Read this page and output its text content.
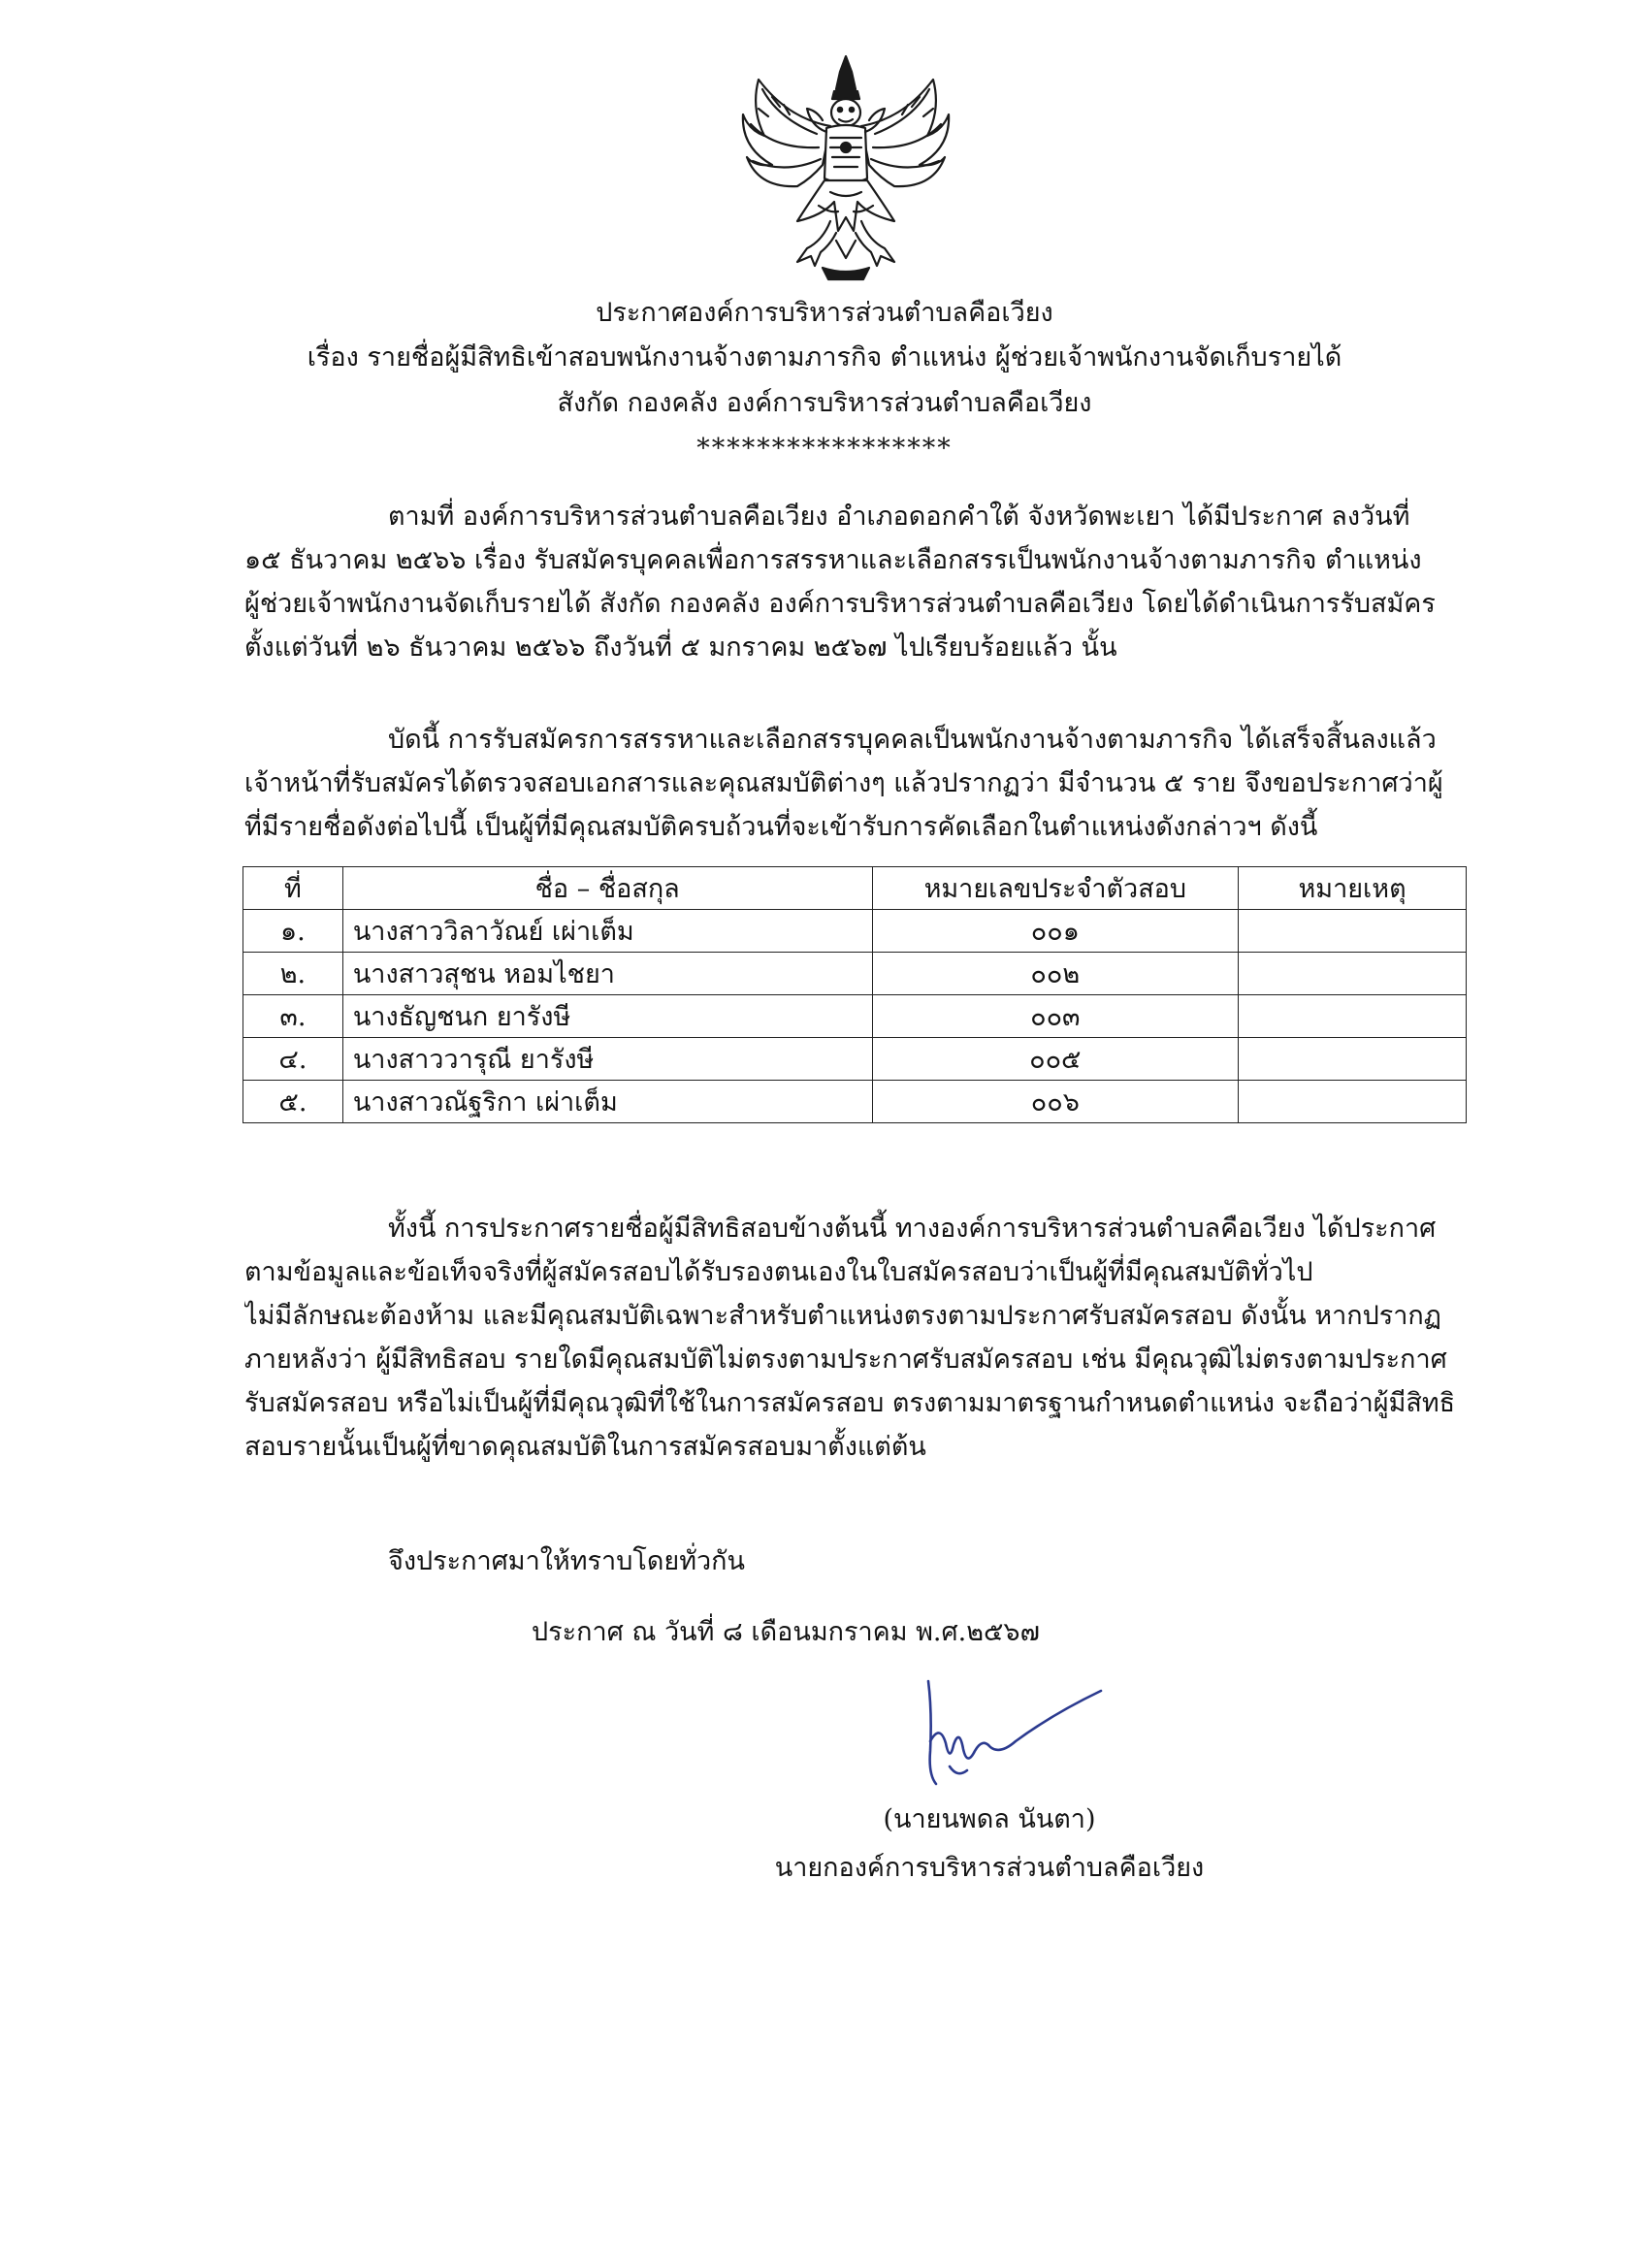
ประกาศองค์การบริหารส่วนตำบลคือเวียง
เรื่อง รายชื่อผู้มีสิทธิเข้าสอบพนักงานจ้างตามภารกิจ ตำแหน่ง ผู้ช่วยเจ้าพนักงานจัดเก็บรายได้
สังกัด กองคลัง องค์การบริหารส่วนตำบลคือเวียง
*****************
ตามที่ องค์การบริหารส่วนตำบลคือเวียง อำเภอดอกคำใต้ จังหวัดพะเยา ได้มีประกาศ ลงวันที่
๑๕ ธันวาคม ๒๕๖๖ เรื่อง รับสมัครบุคคลเพื่อการสรรหาและเลือกสรรเป็นพนักงานจ้างตามภารกิจ ตำแหน่ง
ผู้ช่วยเจ้าพนักงานจัดเก็บรายได้ สังกัด กองคลัง องค์การบริหารส่วนตำบลคือเวียง โดยได้ดำเนินการรับสมัคร
ตั้งแต่วันที่ ๒๖ ธันวาคม ๒๕๖๖ ถึงวันที่ ๕ มกราคม ๒๕๖๗ ไปเรียบร้อยแล้ว นั้น
บัดนี้ การรับสมัครการสรรหาและเลือกสรรบุคคลเป็นพนักงานจ้างตามภารกิจ ได้เสร็จสิ้นลงแล้ว
เจ้าหน้าที่รับสมัครได้ตรวจสอบเอกสารและคุณสมบัติต่างๆ แล้วปรากฏว่า มีจำนวน ๕ ราย จึงขอประกาศว่าผู้
ที่มีรายชื่อดังต่อไปนี้ เป็นผู้ที่มีคุณสมบัติครบถ้วนที่จะเข้ารับการคัดเลือกในตำแหน่งดังกล่าวฯ ดังนี้
ที่	ชื่อ – ชื่อสกุล	หมายเลขประจำตัวสอบ	หมายเหตุ
๑.	นางสาววิลาวัณย์ เผ่าเต็ม	๐๐๑	
๒.	นางสาวสุชน หอมไชยา	๐๐๒	
๓.	นางธัญชนก ยารังษี	๐๐๓	
๔.	นางสาววารุณี ยารังษี	๐๐๕	
๕.	นางสาวณัฐริกา เผ่าเต็ม	๐๐๖	
ทั้งนี้ การประกาศรายชื่อผู้มีสิทธิสอบข้างต้นนี้ ทางองค์การบริหารส่วนตำบลคือเวียง ได้ประกาศ
ตามข้อมูลและข้อเท็จจริงที่ผู้สมัครสอบได้รับรองตนเองในใบสมัครสอบว่าเป็นผู้ที่มีคุณสมบัติทั่วไป
ไม่มีลักษณะต้องห้าม และมีคุณสมบัติเฉพาะสำหรับตำแหน่งตรงตามประกาศรับสมัครสอบ ดังนั้น หากปรากฏ
ภายหลังว่า ผู้มีสิทธิสอบ รายใดมีคุณสมบัติไม่ตรงตามประกาศรับสมัครสอบ เช่น มีคุณวุฒิไม่ตรงตามประกาศ
รับสมัครสอบ หรือไม่เป็นผู้ที่มีคุณวุฒิที่ใช้ในการสมัครสอบ ตรงตามมาตรฐานกำหนดตำแหน่ง จะถือว่าผู้มีสิทธิ
สอบรายนั้นเป็นผู้ที่ขาดคุณสมบัติในการสมัครสอบมาตั้งแต่ต้น
จึงประกาศมาให้ทราบโดยทั่วกัน
ประกาศ ณ วันที่ ๘ เดือนมกราคม พ.ศ.๒๕๖๗
(นายนพดล นันตา)
นายกองค์การบริหารส่วนตำบลคือเวียง
